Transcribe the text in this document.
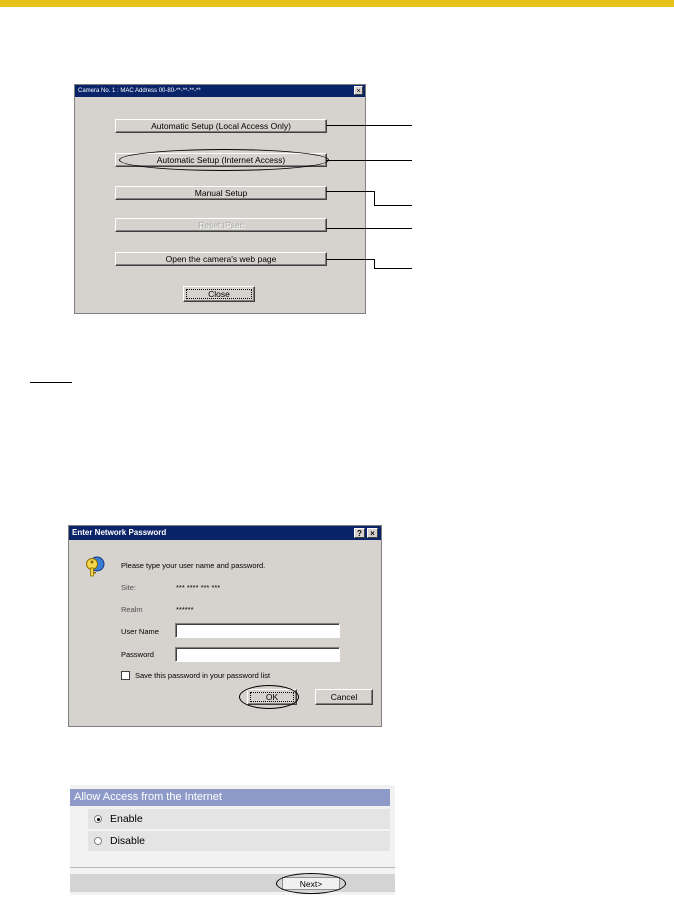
Camera No. 1 : MAC Address 00-80-**-**-**-**	×
Automatic Setup (Local Access Only)
Automatic Setup (Internet Access)
Manual Setup
Reset IPsec
Open the camera's web page
Close
Enter Network Password	?	×
Please type your user name and password.
Site:	*** **** *** ***
Realm	******
User Name
Password
Save this password in your password list
OK	Cancel
Allow Access from the Internet
Enable
Disable
Next>
